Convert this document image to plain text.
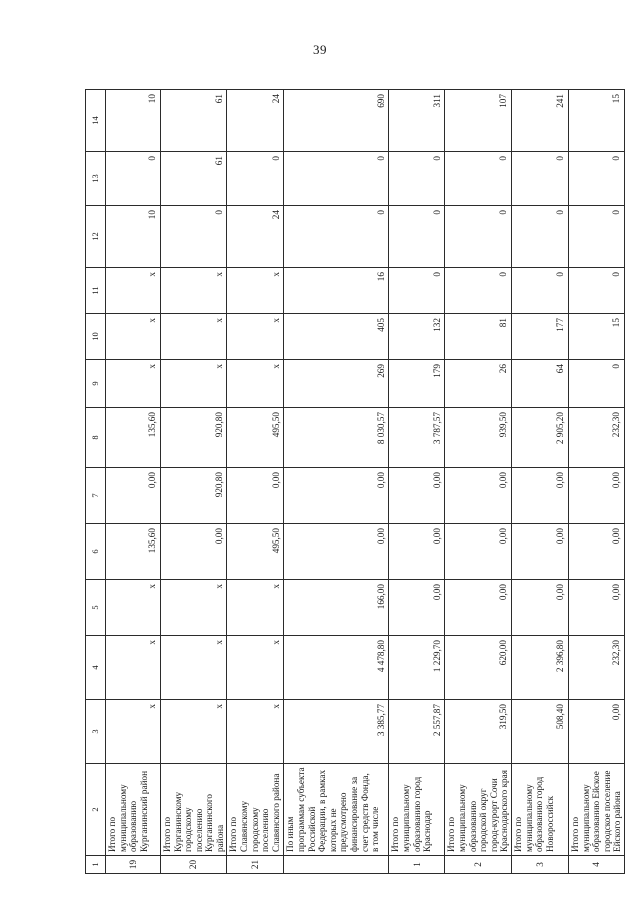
39
1	2	3	4	5	6	7	8	9	10	11	12	13	14
19	Итого по муниципальному образованию Курганинский район	х	х	х	135,60	0,00	135,60	х	х	х	10	0	10
20	Итого по Курганинскому городскому поселению Курганинского района	х	х	х	0,00	920,80	920,80	х	х	х	0	61	61
21	Итого по Славянскому городскому поселению Славянского района	х	х	х	495,50	0,00	495,50	х	х	х	24	0	24
	По иным программам субъекта Российской Федерации, в рамках которых не предусмотрено финансирование за счет средств Фонда, в том числе	3 385,77	4 478,80	166,00	0,00	0,00	8 030,57	269	405	16	0	0	690
1	Итого по муниципальному образованию город Краснодар	2 557,87	1 229,70	0,00	0,00	0,00	3 787,57	179	132	0	0	0	311
2	Итого по муниципальному образованию городской округ город-курорт Сочи Краснодарского края	319,50	620,00	0,00	0,00	0,00	939,50	26	81	0	0	0	107
3	Итого по муниципальному образованию город Новороссийск	508,40	2 396,80	0,00	0,00	0,00	2 905,20	64	177	0	0	0	241
4	Итого по муниципальному образованию Ейское городское поселение Ейского района	0,00	232,30	0,00	0,00	0,00	232,30	0	15	0	0	0	15
